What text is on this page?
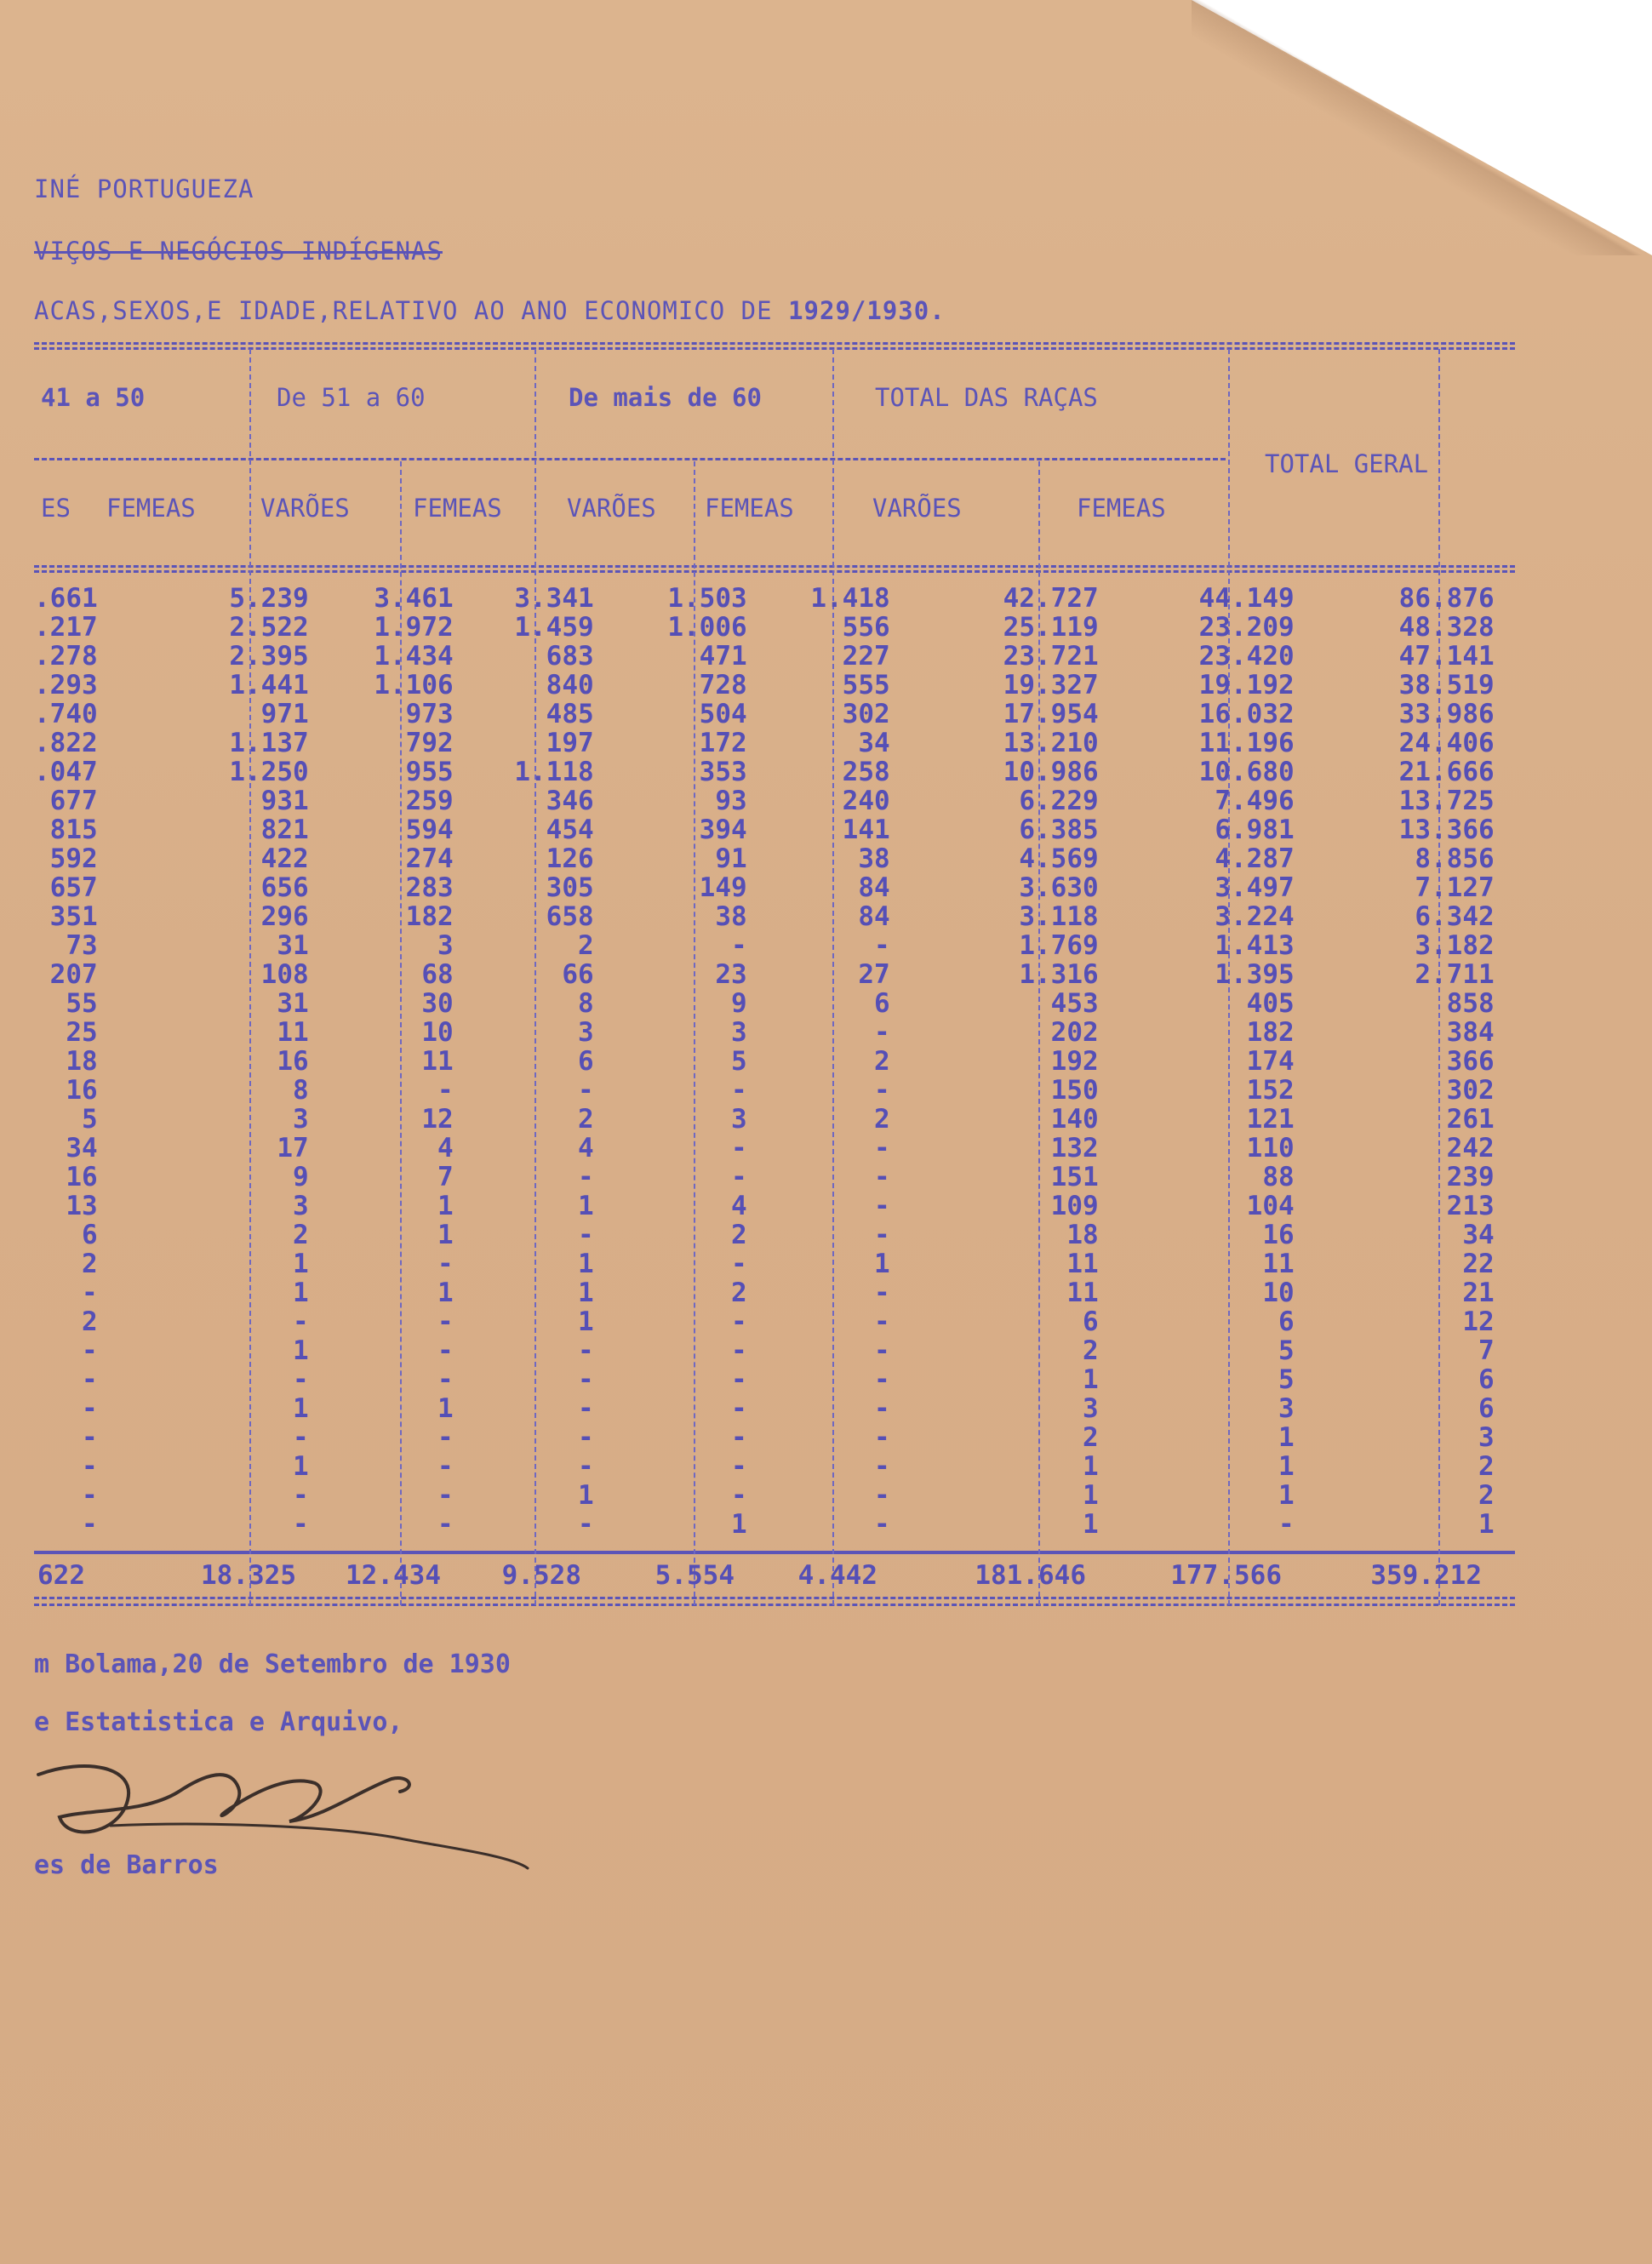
INÉ PORTUGUEZA
VIÇOS E NEGÓCIOS INDÍGENAS
ACAS,SEXOS,E IDADE,RELATIVO AO ANO ECONOMICO DE 1929/1930.
41 a 50	De 51 a 60	De mais de 60	TOTAL DAS RAÇAS
TOTAL GERAL
ES FEMEAS	VARÕES	FEMEAS	VARÕES FEMEAS	VARÕES	FEMEAS
.661	5.239	3.461	3.341	1.503	1.418	42.727	44.149	86.876
.217	2.522	1.972	1.459	1.006	556	25.119	23.209	48.328
.278	2.395	1.434	683	471	227	23.721	23.420	47.141
.293	1.441	1.106	840	728	555	19.327	19.192	38.519
.740	971	973	485	504	302	17.954	16.032	33.986
.822	1.137	792	197	172	34	13.210	11.196	24.406
.047	1.250	955	1.118	353	258	10.986	10.680	21.666
677	931	259	346	93	240	6.229	7.496	13.725
815	821	594	454	394	141	6.385	6.981	13.366
592	422	274	126	91	38	4.569	4.287	8.856
657	656	283	305	149	84	3.630	3.497	7.127
351	296	182	658	38	84	3.118	3.224	6.342
73	31	3	2	-	-	1.769	1.413	3.182
207	108	68	66	23	27	1.316	1.395	2.711
55	31	30	8	9	6	453	405	858
25	11	10	3	3	-	202	182	384
18	16	11	6	5	2	192	174	366
16	8	-	-	-	-	150	152	302
5	3	12	2	3	2	140	121	261
34	17	4	4	-	-	132	110	242
16	9	7	-	-	-	151	88	239
13	3	1	1	4	-	109	104	213
6	2	1	-	2	-	18	16	34
2	1	-	1	-	1	11	11	22
-	1	1	1	2	-	11	10	21
2	-	-	1	-	-	6	6	12
-	1	-	-	-	-	2	5	7
-	-	-	-	-	-	1	5	6
-	1	1	-	-	-	3	3	6
-	-	-	-	-	-	2	1	3
-	1	-	-	-	-	1	1	2
-	-	-	1	-	-	1	1	2
-	-	-	-	1	-	1	-	1

622	18.325	12.434	9.528	5.554	4.442	181.646	177.566	359.212
m Bolama,20 de Setembro de 1930
e Estatistica e Arquivo,
es de Barros
